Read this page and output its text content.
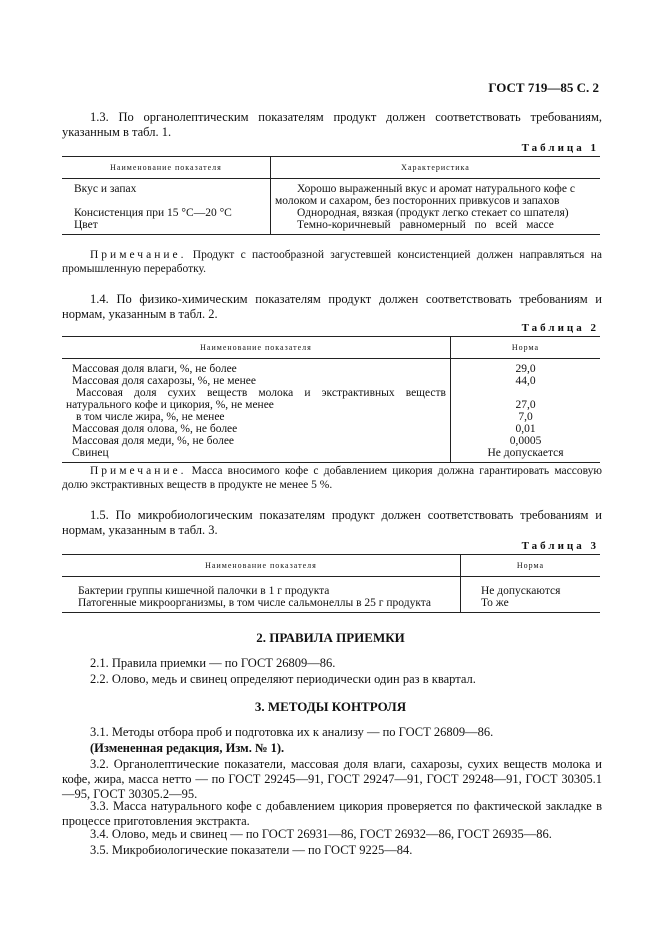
ГОСТ 719—85 С. 2
1.3. По органолептическим показателям продукт должен соответствовать требованиям, указанным в табл. 1.
Таблица 1
Наименование показателя	Характеристика
Вкус и запах	Хорошо выраженный вкус и аромат натурального кофе с молоком и сахаром, без посторонних привкусов и запахов
Консистенция при 15 °С—20 °С	Однородная, вязкая (продукт легко стекает со шпателя)
Цвет	Темно-коричневый равномерный по всей массе
Примечание. Продукт с пастообразной загустевшей консистенцией должен направляться на промышленную переработку.
1.4. По физико-химическим показателям продукт должен соответствовать требованиям и нормам, указанным в табл. 2.
Таблица 2
Наименование показателя	Норма
Массовая доля влаги, %, не более	29,0
Массовая доля сахарозы, %, не менее	44,0
Массовая доля сухих веществ молока и экстрактивных веществ натурального кофе и цикория, %, не менее	27,0
в том числе жира, %, не менее	7,0
Массовая доля олова, %, не более	0,01
Массовая доля меди, %, не более	0,0005
Свинец	Не допускается
Примечание. Масса вносимого кофе с добавлением цикория должна гарантировать массовую долю экстрактивных веществ в продукте не менее 5 %.
1.5. По микробиологическим показателям продукт должен соответствовать требованиям и нормам, указанным в табл. 3.
Таблица 3
Наименование показателя	Норма
Бактерии группы кишечной палочки в 1 г продукта	Не допускаются
Патогенные микроорганизмы, в том числе сальмонеллы в 25 г продукта	То же
2. ПРАВИЛА ПРИЕМКИ
2.1. Правила приемки — по ГОСТ 26809—86.
2.2. Олово, медь и свинец определяют периодически один раз в квартал.
3. МЕТОДЫ КОНТРОЛЯ
3.1. Методы отбора проб и подготовка их к анализу — по ГОСТ 26809—86.
(Измененная редакция, Изм. № 1).
3.2. Органолептические показатели, массовая доля влаги, сахарозы, сухих веществ молока и кофе, жира, масса нетто — по ГОСТ 29245—91, ГОСТ 29247—91, ГОСТ 29248—91, ГОСТ 30305.1—95, ГОСТ 30305.2—95.
3.3. Масса натурального кофе с добавлением цикория проверяется по фактической закладке в процессе приготовления экстракта.
3.4. Олово, медь и свинец — по ГОСТ 26931—86, ГОСТ 26932—86, ГОСТ 26935—86.
3.5. Микробиологические показатели — по ГОСТ 9225—84.
